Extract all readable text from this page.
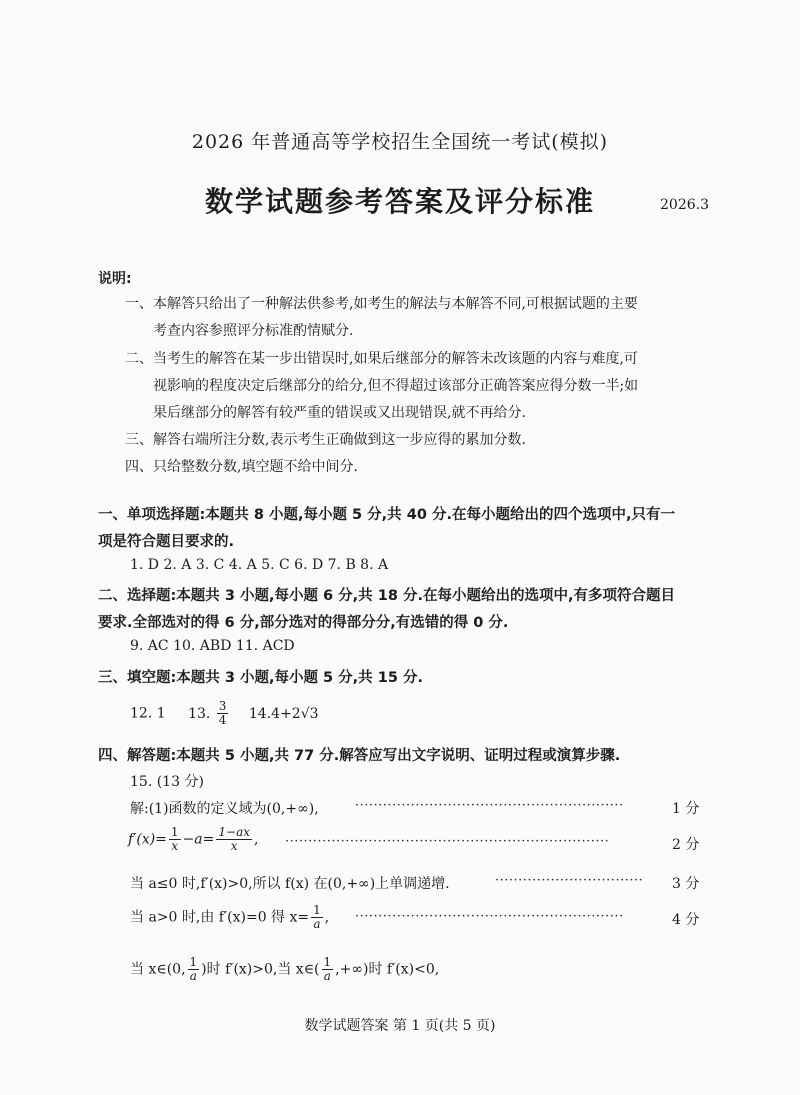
2026 年普通高等学校招生全国统一考试(模拟)
数学试题参考答案及评分标准	2026.3
说明:
一、本解答只给出了一种解法供参考,如考生的解法与本解答不同,可根据试题的主要
考查内容参照评分标准酌情赋分.
二、当考生的解答在某一步出错误时,如果后继部分的解答未改该题的内容与难度,可
视影响的程度决定后继部分的给分,但不得超过该部分正确答案应得分数一半;如
果后继部分的解答有较严重的错误或又出现错误,就不再给分.
三、解答右端所注分数,表示考生正确做到这一步应得的累加分数.
四、只给整数分数,填空题不给中间分.
一、单项选择题:本题共 8 小题,每小题 5 分,共 40 分.在每小题给出的四个选项中,只有一
项是符合题目要求的.
1. D 2. A 3. C 4. A 5. C 6. D 7. B 8. A
二、选择题:本题共 3 小题,每小题 6 分,共 18 分.在每小题给出的选项中,有多项符合题目
要求.全部选对的得 6 分,部分选对的得部分分,有选错的得 0 分.
9. AC 10. ABD 11. ACD
三、填空题:本题共 3 小题,每小题 5 分,共 15 分.
12. 1 13. $\frac{3}{4} 14.4+2√3$
四、解答题:本题共 5 小题,共 77 分.解答应写出文字说明、证明过程或演算步骤.
15. (13 分)
解:(1)函数的定义域为(0,+∞),	··························································	1 分
$f'(x)= \frac{1}{x} -a= \frac{1-ax}{x}$ , ······································································	2 分
当 a≤0 时,f′(x)>0,所以 f(x) 在(0,+∞)上单调递增.	································ 3 分
当 a>0 时,由 f′(x)=0 得 $x= \frac{1}{a}$ , ··························································	4 分
当 x∈(0, $\frac{1}{a}$ )时 f′(x)>0,当 x∈( $\frac{1}{a}$ ,+∞)时 f′(x)<0,
数学试题答案 第 1 页(共 5 页)
